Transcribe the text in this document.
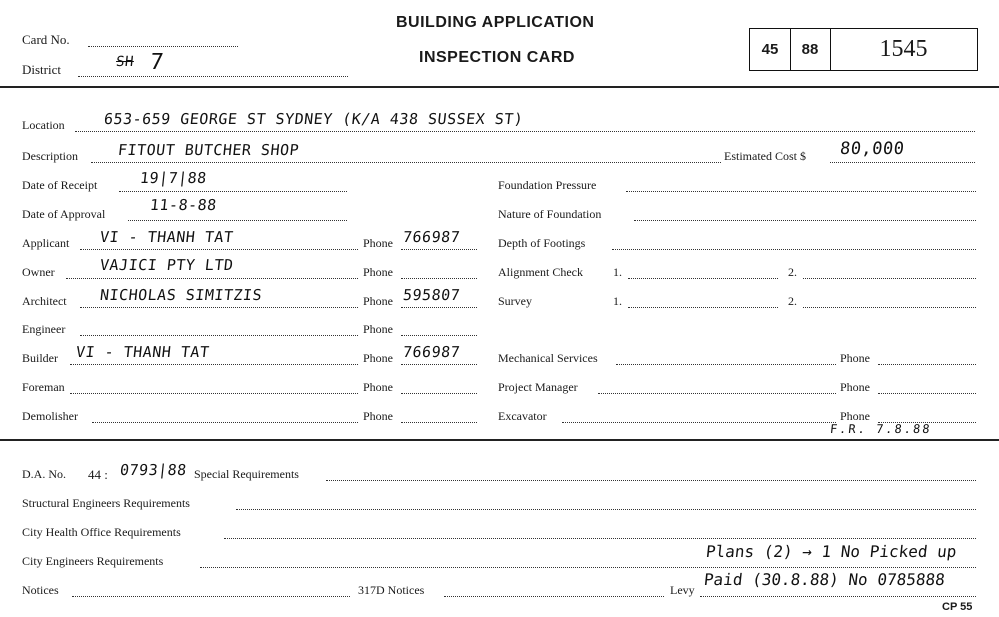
Card No.
District	SH 7
BUILDING APPLICATION
INSPECTION CARD	45	88	1545
Location	653-659 GEORGE ST SYDNEY (K/A 438 SUSSEX ST)
Description	FITOUT BUTCHER SHOP	Estimated Cost $ 80,000
Date of Receipt	19|7|88
Date of Approval	11-8-88
Applicant VI - THANH TAT	Phone 766987
Owner	VAJICI PTY LTD	Phone
Architect NICHOLAS SIMITZIS	Phone 595807
Engineer	Phone
Builder VI - THANH TAT	Phone 766987
Foreman	Phone
Demolisher	Phone
Foundation Pressure
Nature of Foundation
Depth of Footings
Alignment Check	1.	2.
Survey	1.	2.
Mechanical Services	Phone
Project Manager	Phone
Excavator	Phone
F.R. 7.8.88
D.A. No. 44 : 0793|88 Special Requirements
Structural Engineers Requirements
City Health Office Requirements
City Engineers Requirements	Plans (2) → 1 No Picked up
Notices	317D Notices	Levy
Paid (30.8.88) No 0785888
CP 55
